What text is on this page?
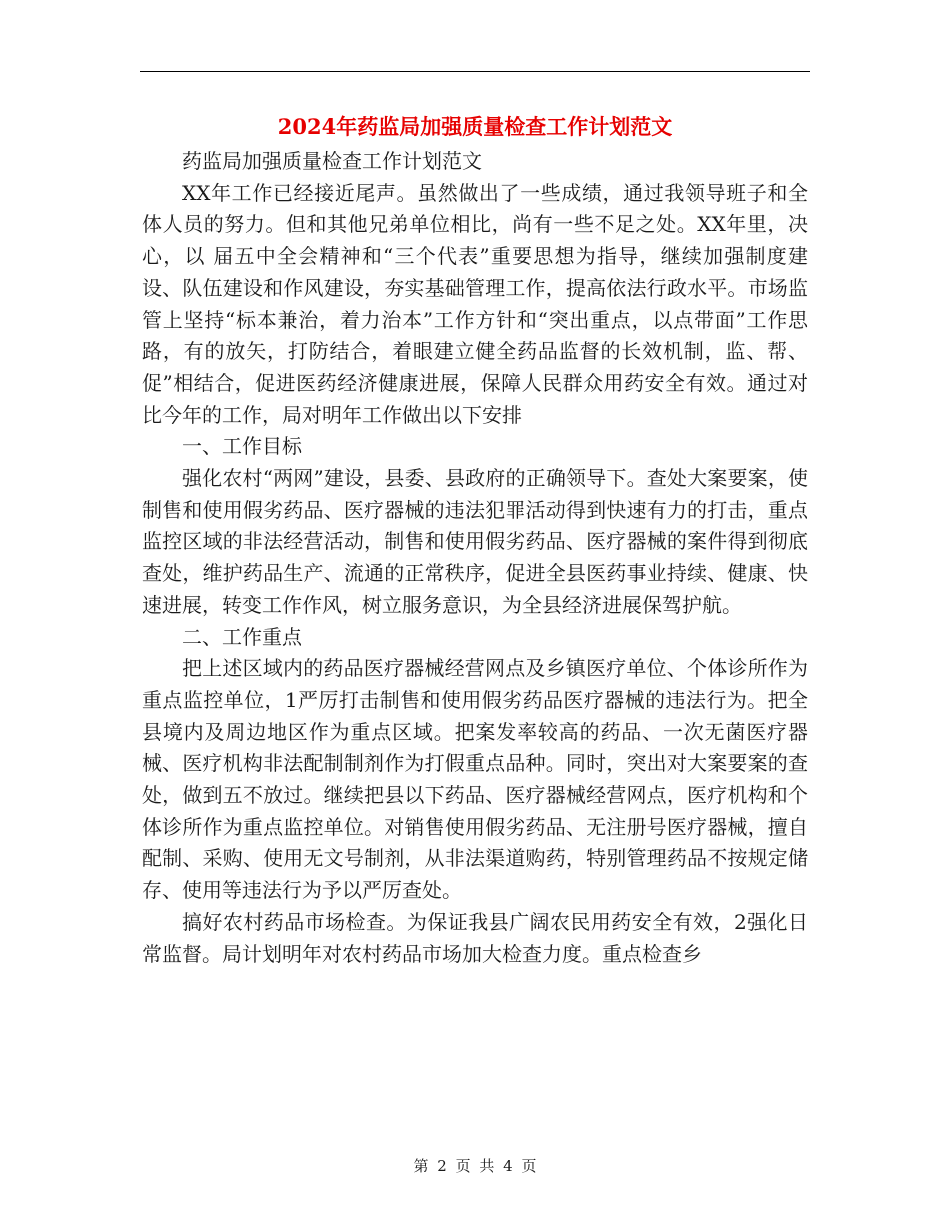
2024年药监局加强质量检查工作计划范文

药监局加强质量检查工作计划范文

XX年工作已经接近尾声。虽然做出了一些成绩，通过我领导班子和全体人员的努力。但和其他兄弟单位相比，尚有一些不足之处。XX年里，决心，以 届五中全会精神和“三个代表”重要思想为指导，继续加强制度建设、队伍建设和作风建设，夯实基础管理工作，提高依法行政水平。市场监管上坚持“标本兼治，着力治本”工作方针和“突出重点，以点带面”工作思路，有的放矢，打防结合，着眼建立健全药品监督的长效机制，监、帮、促”相结合，促进医药经济健康进展，保障人民群众用药安全有效。通过对比今年的工作，局对明年工作做出以下安排

一、工作目标

强化农村“两网”建设，县委、县政府的正确领导下。查处大案要案，使制售和使用假劣药品、医疗器械的违法犯罪活动得到快速有力的打击，重点监控区域的非法经营活动，制售和使用假劣药品、医疗器械的案件得到彻底查处，维护药品生产、流通的正常秩序，促进全县医药事业持续、健康、快速进展，转变工作作风，树立服务意识，为全县经济进展保驾护航。

二、工作重点

把上述区域内的药品医疗器械经营网点及乡镇医疗单位、个体诊所作为重点监控单位，1严厉打击制售和使用假劣药品医疗器械的违法行为。把全县境内及周边地区作为重点区域。把案发率较高的药品、一次无菌医疗器械、医疗机构非法配制制剂作为打假重点品种。同时，突出对大案要案的查处，做到五不放过。继续把县以下药品、医疗器械经营网点，医疗机构和个体诊所作为重点监控单位。对销售使用假劣药品、无注册号医疗器械，擅自配制、采购、使用无文号制剂，从非法渠道购药，特别管理药品不按规定储存、使用等违法行为予以严厉查处。

搞好农村药品市场检查。为保证我县广阔农民用药安全有效，2强化日常监督。局计划明年对农村药品市场加大检查力度。重点检查乡

第 2 页 共 4 页
